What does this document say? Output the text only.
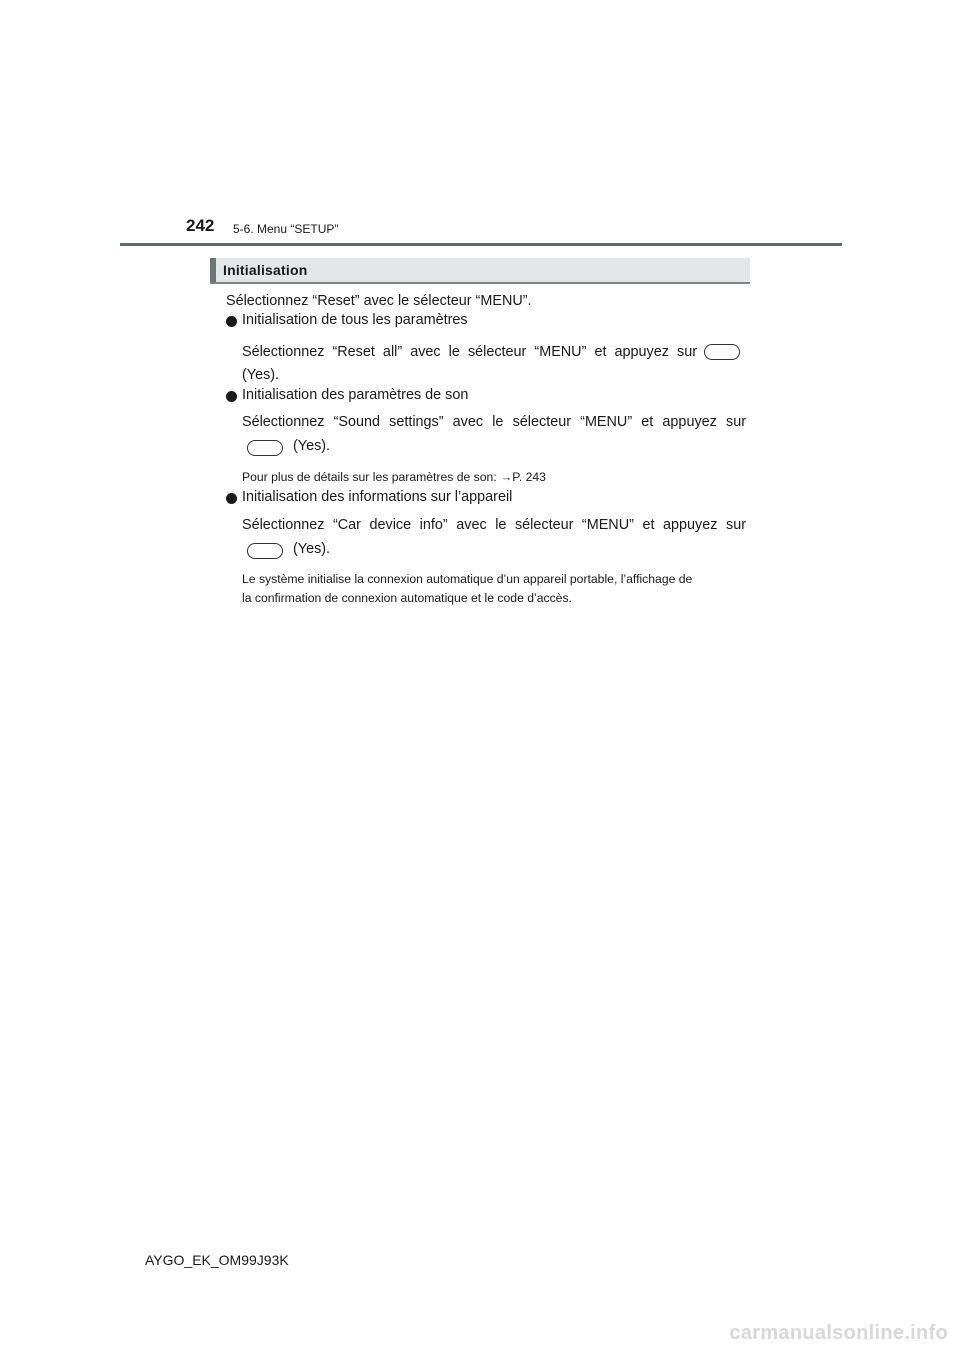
242 5-6. Menu “SETUP”
Initialisation
Sélectionnez “Reset” avec le sélecteur “MENU”.
Initialisation de tous les paramètres
Sélectionnez “Reset all” avec le sélecteur “MENU” et appuyez sur
(Yes).
Initialisation des paramètres de son
Sélectionnez “Sound settings” avec le sélecteur “MENU” et appuyez sur
(Yes).
Pour plus de détails sur les paramètres de son: →P. 243
Initialisation des informations sur l’appareil
Sélectionnez “Car device info” avec le sélecteur “MENU” et appuyez sur
(Yes).
Le système initialise la connexion automatique d’un appareil portable, l’affichage de
la confirmation de connexion automatique et le code d’accès.
AYGO_EK_OM99J93K
carmanualsonline.info
